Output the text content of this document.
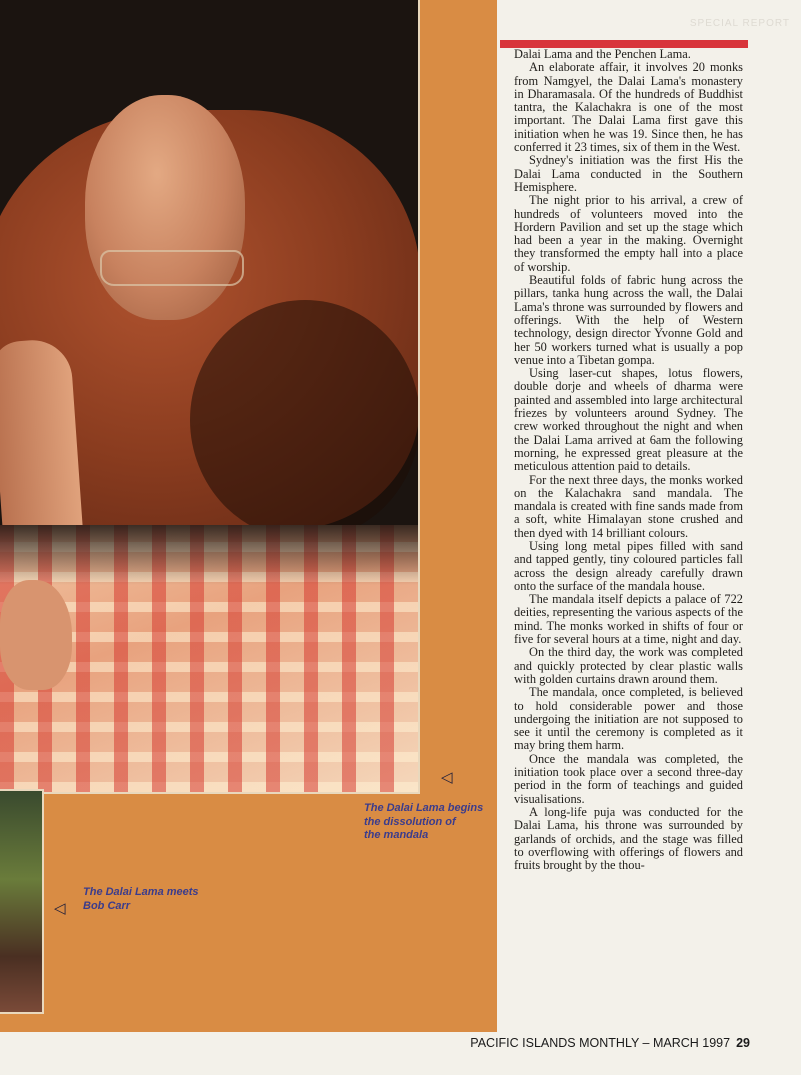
SPECIAL REPORT
◁

The Dalai Lama begins
the dissolution of
the mandala

◁

The Dalai Lama meets
Bob Carr

Dalai Lama and the Penchen Lama.

An elaborate affair, it involves 20 monks from Namgyel, the Dalai Lama's monastery in Dharamasala. Of the hundreds of Buddhist tantra, the Kalachakra is one of the most important. The Dalai Lama first gave this initiation when he was 19. Since then, he has conferred it 23 times, six of them in the West.

Sydney's initiation was the first His the Dalai Lama conducted in the Southern Hemisphere.

The night prior to his arrival, a crew of hundreds of volunteers moved into the Hordern Pavilion and set up the stage which had been a year in the making. Overnight they transformed the empty hall into a place of worship.

Beautiful folds of fabric hung across the pillars, tanka hung across the wall, the Dalai Lama's throne was surrounded by flowers and offerings. With the help of Western technology, design director Yvonne Gold and her 50 workers turned what is usually a pop venue into a Tibetan gompa.

Using laser-cut shapes, lotus flowers, double dorje and wheels of dharma were painted and assembled into large architectural friezes by volunteers around Sydney. The crew worked throughout the night and when the Dalai Lama arrived at 6am the following morning, he expressed great pleasure at the meticulous attention paid to details.

For the next three days, the monks worked on the Kalachakra sand mandala. The mandala is created with fine sands made from a soft, white Himalayan stone crushed and then dyed with 14 brilliant colours.

Using long metal pipes filled with sand and tapped gently, tiny coloured particles fall across the design already carefully drawn onto the surface of the mandala house.

The mandala itself depicts a palace of 722 deities, representing the various aspects of the mind. The monks worked in shifts of four or five for several hours at a time, night and day.

On the third day, the work was completed and quickly protected by clear plastic walls with golden curtains drawn around them.

The mandala, once completed, is believed to hold considerable power and those undergoing the initiation are not supposed to see it until the ceremony is completed as it may bring them harm.

Once the mandala was completed, the initiation took place over a second three-day period in the form of teachings and guided visualisations.

A long-life puja was conducted for the Dalai Lama, his throne was surrounded by garlands of orchids, and the stage was filled to overflowing with offerings of flowers and fruits brought by the thou-

PACIFIC ISLANDS MONTHLY – MARCH 1997 29
